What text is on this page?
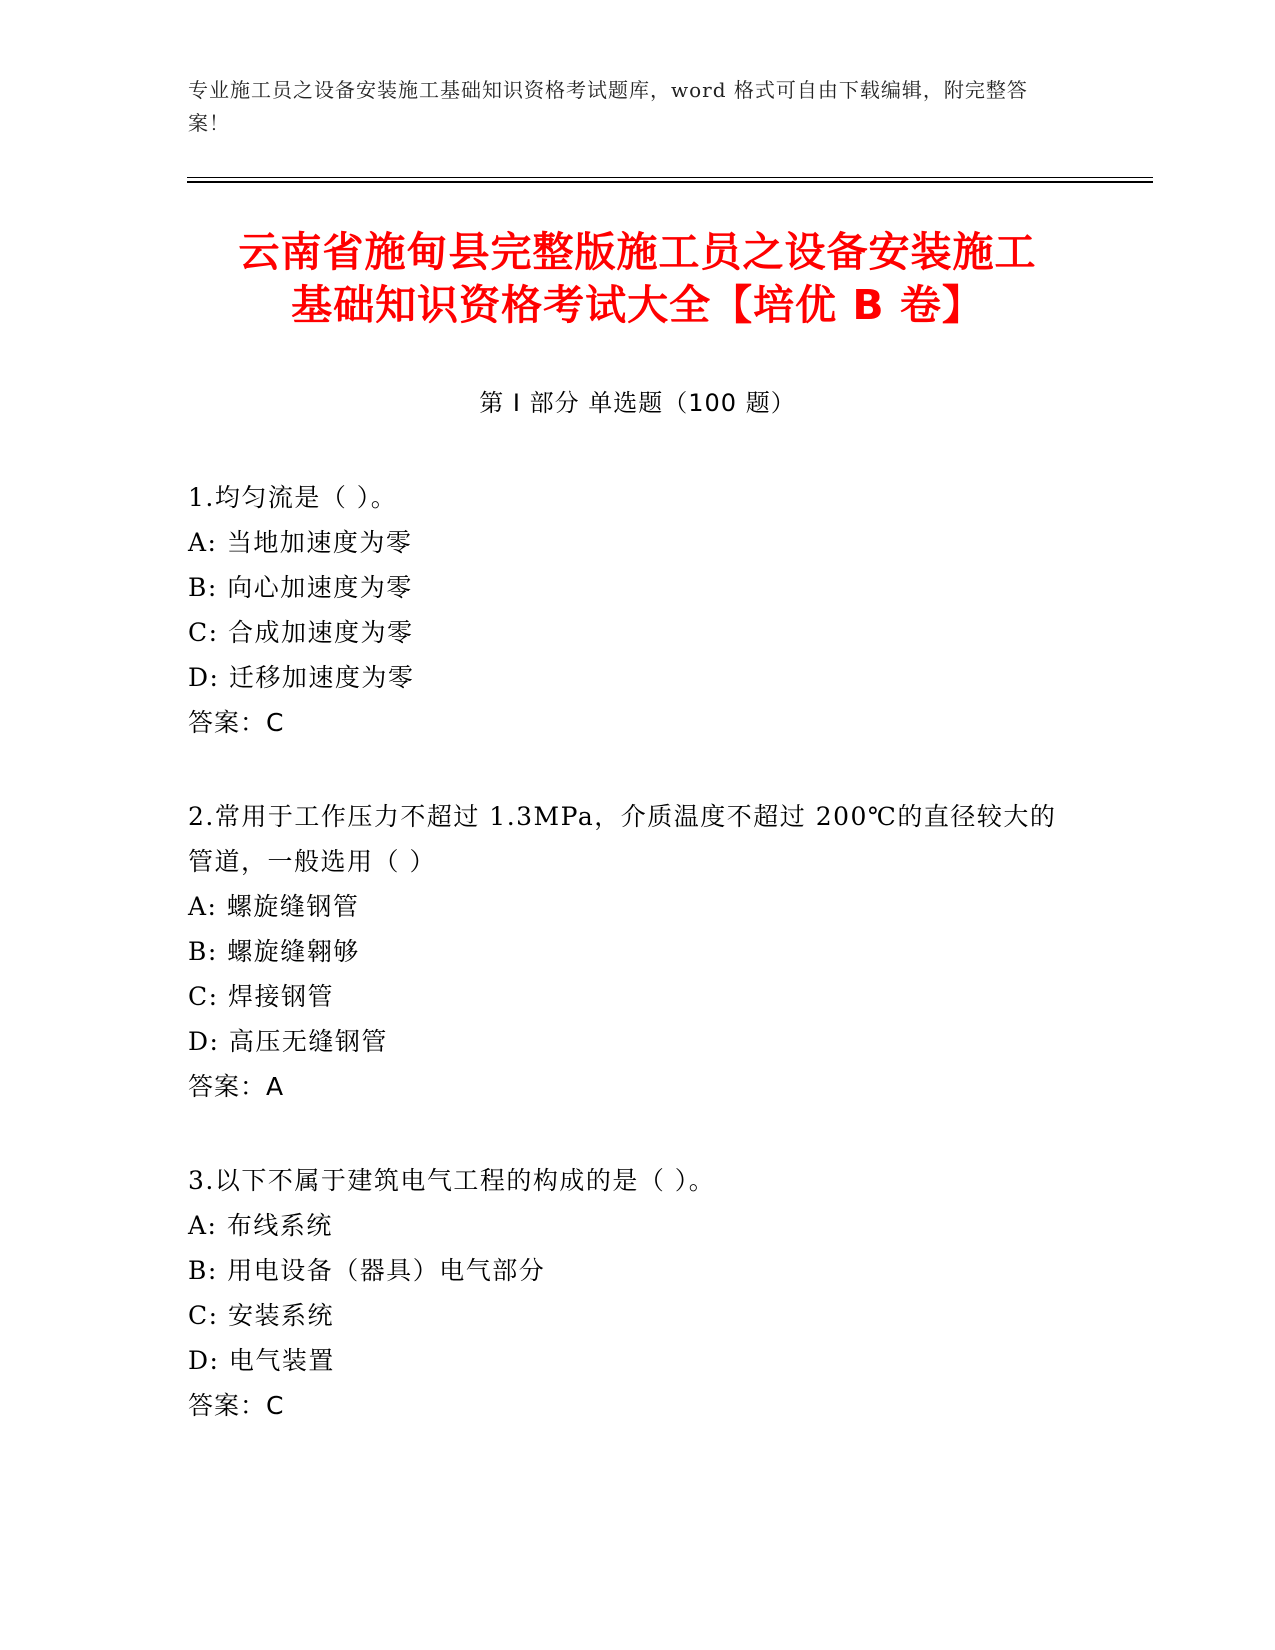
专业施工员之设备安装施工基础知识资格考试题库，word 格式可自由下载编辑，附完整答案！
云南省施甸县完整版施工员之设备安装施工
基础知识资格考试大全【培优 B 卷】
第 I 部分 单选题（100 题）
1.均匀流是（ ）。
A: 当地加速度为零
B: 向心加速度为零
C: 合成加速度为零
D: 迁移加速度为零
答案：C
2.常用于工作压力不超过 1.3MPa，介质温度不超过 200℃的直径较大的管道，一般选用（ ）
A: 螺旋缝钢管
B: 螺旋缝翱够
C: 焊接钢管
D: 高压无缝钢管
答案：A
3.以下不属于建筑电气工程的构成的是（ ）。
A: 布线系统
B: 用电设备（器具）电气部分
C: 安装系统
D: 电气装置
答案：C
